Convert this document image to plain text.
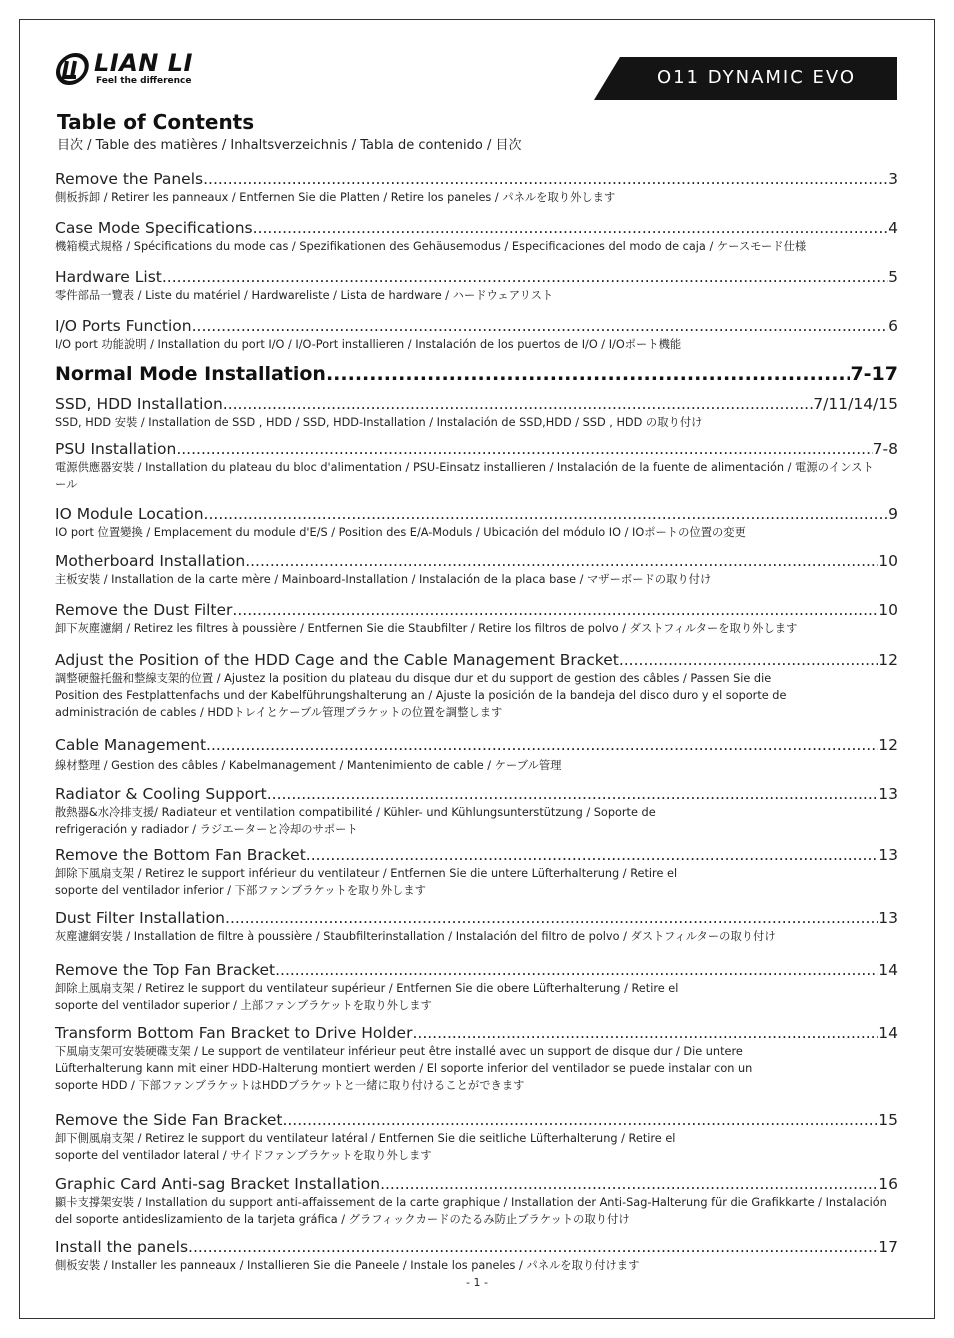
LIAN LI
Feel the difference	O11 DYNAMIC EVO
Table of Contents
目次 / Table des matières / Inhaltsverzeichnis / Tabla de contenido / 目次
Remove the Panels .....	3
側板拆卸 / Retirer les panneaux / Entfernen Sie die Platten / Retire los paneles / パネルを取り外します
Case Mode Specifications .....	4
機箱模式規格 / Spécifications du mode cas / Spezifikationen des Gehäusemodus / Especificaciones del modo de caja / ケースモード仕様
Hardware List .....	5
零件部品一覽表 / Liste du matériel / Hardwareliste / Lista de hardware / ハードウェアリスト
I/O Ports Function .....	6
I/O port 功能說明 / Installation du port I/O / I/O-Port installieren / Instalación de los puertos de I/O / I/Oポート機能
Normal Mode Installation .....	7-17
SSD, HDD Installation .....	7/11/14/15
SSD, HDD 安裝 / Installation de SSD , HDD / SSD, HDD-Installation / Instalación de SSD,HDD / SSD , HDD の取り付け
PSU Installation .....	7-8
電源供應器安裝 / Installation du plateau du bloc d'alimentation / PSU-Einsatz installieren / Instalación de la fuente de alimentación / 電源のインストール
IO Module Location .....	9
IO port 位置變換 / Emplacement du module d'E/S / Position des E/A-Moduls / Ubicación del módulo IO / IOポートの位置の変更
Motherboard Installation .....	10
主板安裝 / Installation de la carte mère / Mainboard-Installation / Instalación de la placa base / マザーボードの取り付け
Remove the Dust Filter .....	10
卸下灰塵濾網 / Retirez les filtres à poussière / Entfernen Sie die Staubfilter / Retire los filtros de polvo / ダストフィルターを取り外します
Adjust the Position of the HDD Cage and the Cable Management Bracket .....	12
調整硬盤托盤和整線支架的位置 / Ajustez la position du plateau du disque dur et du support de gestion des câbles / Passen Sie die Position des Festplattenfachs und der Kabelführungshalterung an / Ajuste la posición de la bandeja del disco duro y el soporte de administración de cables / HDDトレイとケーブル管理ブラケットの位置を調整します
Cable Management .....	12
線材整理 / Gestion des câbles / Kabelmanagement / Mantenimiento de cable / ケーブル管理
Radiator & Cooling Support .....	13
散熱器&水冷排支援/ Radiateur et ventilation compatibilité / Kühler- und Kühlungsunterstützung / Soporte de refrigeración y radiador / ラジエーターと冷却のサポート
Remove the Bottom Fan Bracket .....	13
卸除下風扇支架 / Retirez le support inférieur du ventilateur / Entfernen Sie die untere Lüfterhalterung / Retire el soporte del ventilador inferior / 下部ファンブラケットを取り外します
Dust Filter Installation .....	13
灰塵濾網安裝 / Installation de filtre à poussière / Staubfilterinstallation / Instalación del filtro de polvo / ダストフィルターの取り付け
Remove the Top Fan Bracket .....	14
卸除上風扇支架 / Retirez le support du ventilateur supérieur / Entfernen Sie die obere Lüfterhalterung / Retire el soporte del ventilador superior / 上部ファンブラケットを取り外します
Transform Bottom Fan Bracket to Drive Holder .....	14
下風扇支架可安裝硬碟支架 / Le support de ventilateur inférieur peut être installé avec un support de disque dur / Die untere Lüfterhalterung kann mit einer HDD-Halterung montiert werden / El soporte inferior del ventilador se puede instalar con un soporte HDD / 下部ファンブラケットはHDDブラケットと一緒に取り付けることができます
Remove the Side Fan Bracket .....	15
卸下側風扇支架 / Retirez le support du ventilateur latéral / Entfernen Sie die seitliche Lüfterhalterung / Retire el soporte del ventilador lateral / サイドファンブラケットを取り外します
Graphic Card Anti-sag Bracket Installation .....	16
顯卡支撐架安裝 / Installation du support anti-affaissement de la carte graphique / Installation der Anti-Sag-Halterung für die Grafikkarte / Instalación del soporte antideslizamiento de la tarjeta gráfica / グラフィックカードのたるみ防止ブラケットの取り付け
Install the panels .....	17
側板安裝 / Installer les panneaux / Installieren Sie die Paneele / Instale los paneles / パネルを取り付けます
- 1 -
